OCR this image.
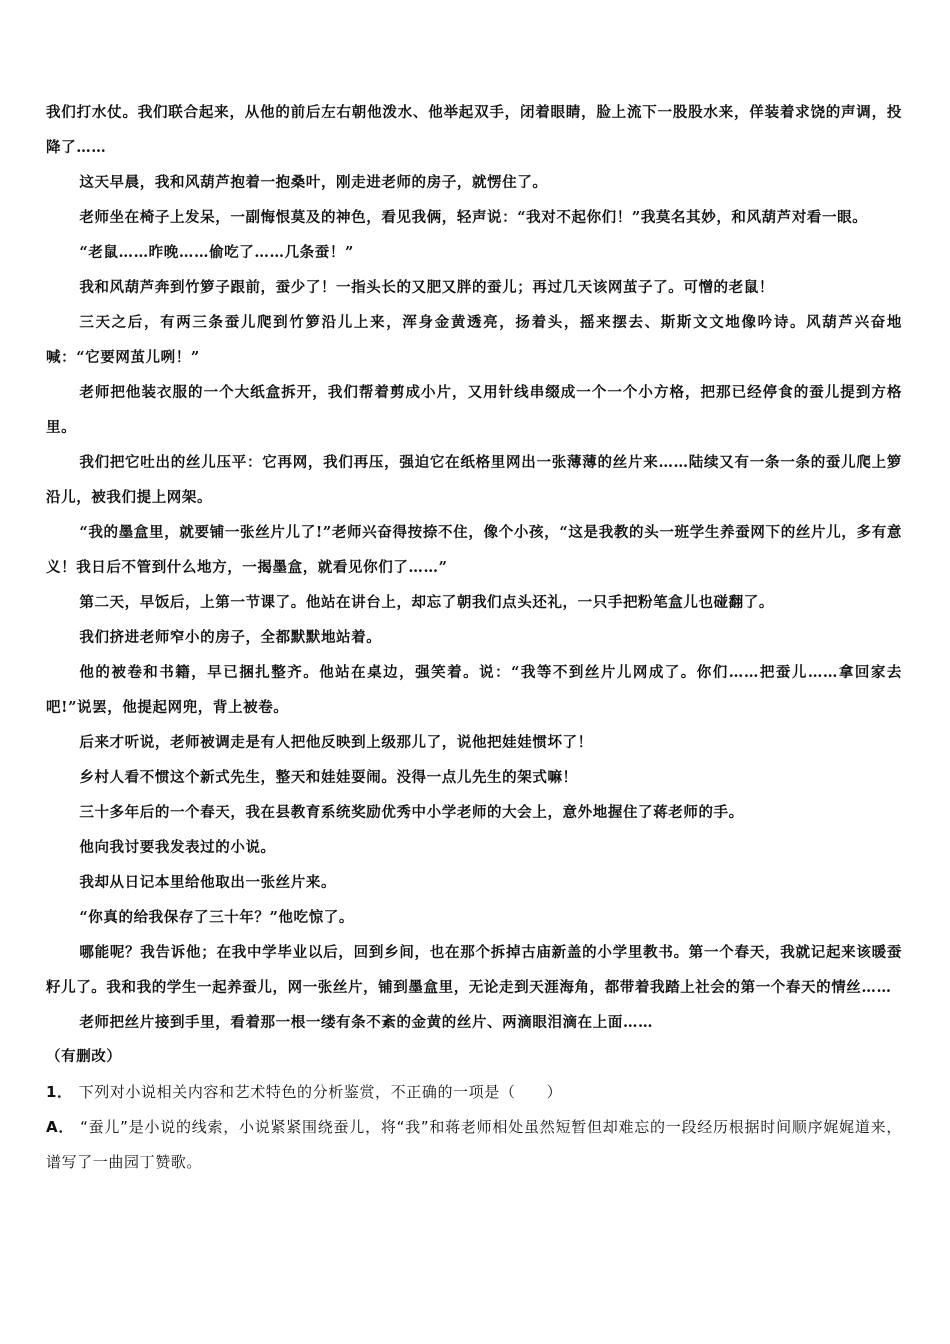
我们打水仗。我们联合起来，从他的前后左右朝他泼水、他举起双手，闭着眼睛，脸上流下一股股水来，佯装着求饶的声调，投降了……

这天早晨，我和风葫芦抱着一抱桑叶，刚走进老师的房子，就愣住了。

老师坐在椅子上发呆，一副悔恨莫及的神色，看见我俩，轻声说：“我对不起你们！”我莫名其妙，和风葫芦对看一眼。

“老鼠……昨晚……偷吃了……几条蚕！”

我和风葫芦奔到竹箩子跟前，蚕少了！一指头长的又肥又胖的蚕儿；再过几天该网茧子了。可憎的老鼠！

三天之后，有两三条蚕儿爬到竹箩沿儿上来，浑身金黄透亮，扬着头，摇来摆去、斯斯文文地像吟诗。风葫芦兴奋地喊：“它要网茧儿咧！”

老师把他装衣服的一个大纸盒拆开，我们帮着剪成小片，又用针线串缀成一个一个小方格，把那已经停食的蚕儿提到方格里。

我们把它吐出的丝儿压平：它再网，我们再压，强迫它在纸格里网出一张薄薄的丝片来……陆续又有一条一条的蚕儿爬上箩沿儿，被我们提上网架。

“我的墨盒里，就要铺一张丝片儿了!”老师兴奋得按捺不住，像个小孩，“这是我教的头一班学生养蚕网下的丝片儿，多有意义！我日后不管到什么地方，一揭墨盒，就看见你们了……”

第二天，早饭后，上第一节课了。他站在讲台上，却忘了朝我们点头还礼，一只手把粉笔盒儿也碰翻了。

我们挤进老师窄小的房子，全都默默地站着。

他的被卷和书籍，早已捆扎整齐。他站在桌边，强笑着。说：“我等不到丝片儿网成了。你们……把蚕儿……拿回家去吧!”说罢，他提起网兜，背上被卷。

后来才听说，老师被调走是有人把他反映到上级那儿了，说他把娃娃惯坏了！

乡村人看不惯这个新式先生，整天和娃娃耍闹。没得一点儿先生的架式嘛！

三十多年后的一个春天，我在县教育系统奖励优秀中小学老师的大会上，意外地握住了蒋老师的手。

他向我讨要我发表过的小说。

我却从日记本里给他取出一张丝片来。

“你真的给我保存了三十年？”他吃惊了。

哪能呢？我告诉他；在我中学毕业以后，回到乡间，也在那个拆掉古庙新盖的小学里教书。第一个春天，我就记起来该暖蚕籽儿了。我和我的学生一起养蚕儿，网一张丝片，铺到墨盒里，无论走到天涯海角，都带着我踏上社会的第一个春天的情丝……

老师把丝片接到手里，看着那一根一缕有条不紊的金黄的丝片、两滴眼泪滴在上面……

（有删改）

1． 下列对小说相关内容和艺术特色的分析鉴赏，不正确的一项是（　　）

A． “蚕儿”是小说的线索，小说紧紧围绕蚕儿，将“我”和蒋老师相处虽然短暂但却难忘的一段经历根据时间顺序娓娓道来，谱写了一曲园丁赞歌。
